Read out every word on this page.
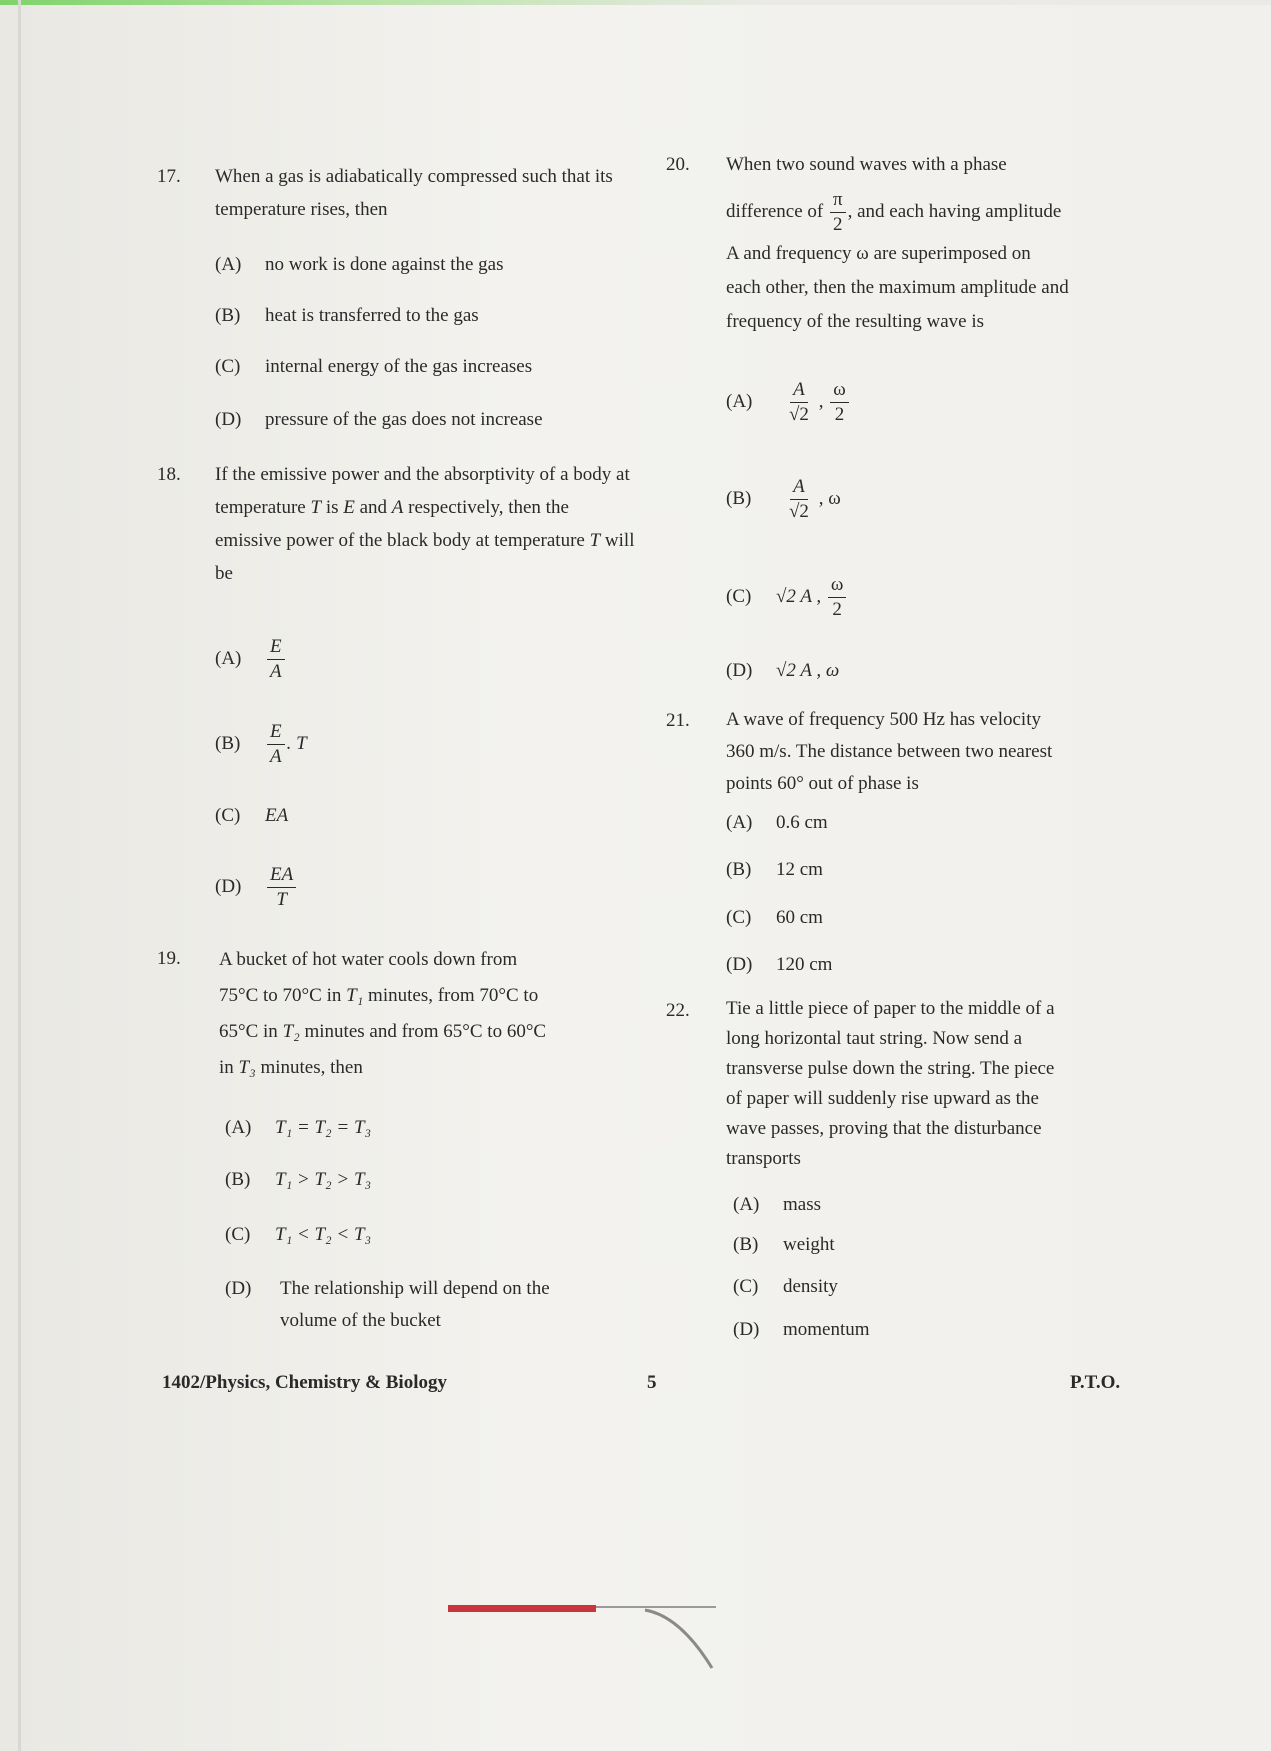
17. When a gas is adiabatically compressed such that its temperature rises, then
(A) no work is done against the gas
(B) heat is transferred to the gas
(C) internal energy of the gas increases
(D) pressure of the gas does not increase
18. If the emissive power and the absorptivity of a body at temperature T is E and A respectively, then the emissive power of the black body at temperature T will be
$(A) \frac{E}{A}$
$(B) \frac{E}{A}$ . T
(C) EA
$(D) \frac{EA}{T}$
19. A bucket of hot water cools down from
75°C to 70°C in T₁ minutes, from 70°C to
65°C in T₂ minutes and from 65°C to 60°C
in T₃ minutes, then
(A) T₁ = T₂ = T₃
(B) T₁ > T₂ > T₃
(C) T₁ < T₂ < T₃
(D) The relationship will depend on the
volume of the bucket
20. When two sound waves with a phase
difference of $\frac{\pi}{2}$ , and each having amplitude
A and frequency ω are superimposed on
each other, then the maximum amplitude and
frequency of the resulting wave is
$(A) \frac{A}{√2}$ , $\frac{\omega}{2}$
$(B) \frac{A}{√2}$ , ω
(C) √2 A , $\frac{\omega}{2}$
(D) √2 A , ω
21. A wave of frequency 500 Hz has velocity
360 m/s. The distance between two nearest
points 60° out of phase is
(A) 0.6 cm
(B) 12 cm
(C) 60 cm
(D) 120 cm
22. Tie a little piece of paper to the middle of a
long horizontal taut string. Now send a
transverse pulse down the string. The piece
of paper will suddenly rise upward as the
wave passes, proving that the disturbance
transports
(A) mass
(B) weight
(C) density
(D) momentum
1402/Physics, Chemistry & Biology	5	P.T.O.
